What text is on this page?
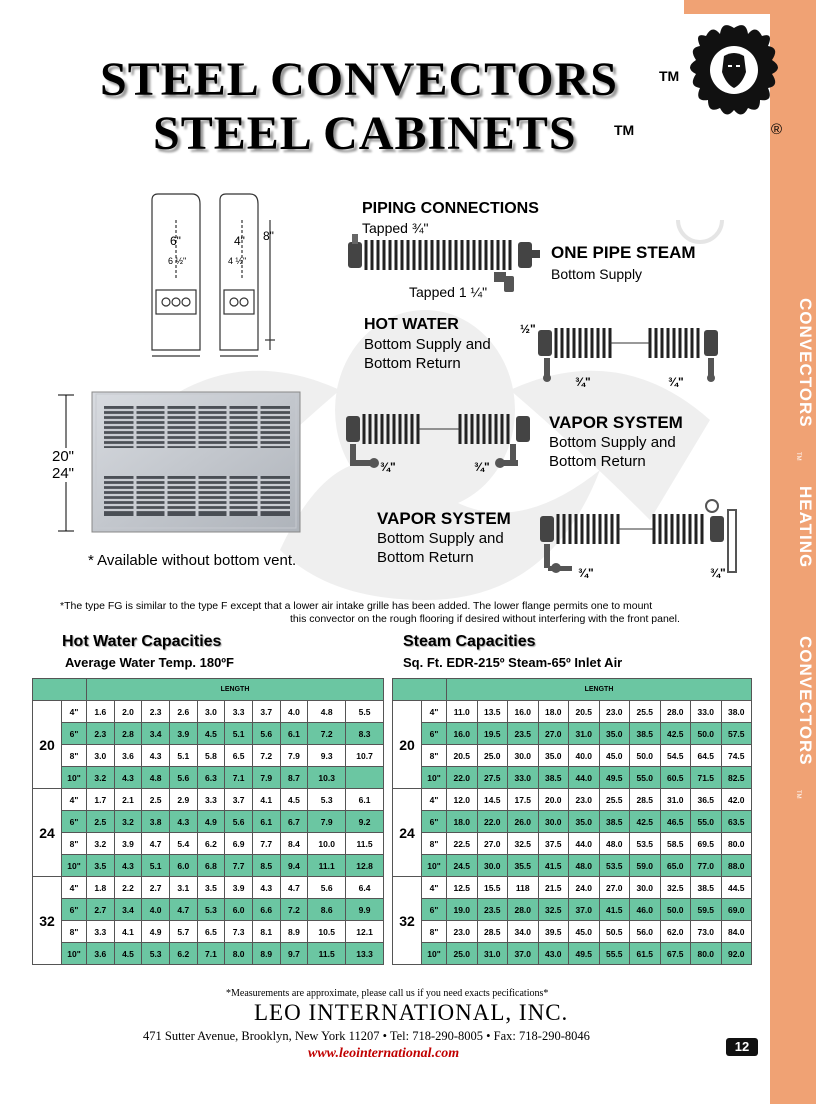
CONVECTORS
TM
HEATING
CONVECTORS
TM
STEEL CONVECTORS	TM
STEEL CABINETS	TM	®
6"
6 ½"
4"
4 ½"
8"
20"
24"
* Available without bottom vent.
PIPING CONNECTIONS
Tapped ¾"
ONE PIPE STEAM
Bottom Supply
Tapped 1 ¼"
HOT WATER
Bottom Supply and
Bottom Return
½"
¾"	¾"
¾"	¾"
VAPOR SYSTEM
Bottom Supply and
Bottom Return
VAPOR SYSTEM
Bottom Supply and
Bottom Return
¾"	¾"
*The type FG is similar to the type F except that a lower air intake grille has been added. The lower flange permits one to mount
this convector on the rough flooring if desired without interfering with the front panel.
Hot Water Capacities
Average Water Temp. 180ºF
Steam Capacities
Sq. Ft. EDR-215º Steam-65º Inlet Air
		LENGTH									
20	4"	1.6	2.0	2.3	2.6	3.0	3.3	3.7	4.0	4.8	5.5
	6"	2.3	2.8	3.4	3.9	4.5	5.1	5.6	6.1	7.2	8.3
	8"	3.0	3.6	4.3	5.1	5.8	6.5	7.2	7.9	9.3	10.7
	10"	3.2	4.3	4.8	5.6	6.3	7.1	7.9	8.7	10.3	
24	4"	1.7	2.1	2.5	2.9	3.3	3.7	4.1	4.5	5.3	6.1
	6"	2.5	3.2	3.8	4.3	4.9	5.6	6.1	6.7	7.9	9.2
	8"	3.2	3.9	4.7	5.4	6.2	6.9	7.7	8.4	10.0	11.5
	10"	3.5	4.3	5.1	6.0	6.8	7.7	8.5	9.4	11.1	12.8
32	4"	1.8	2.2	2.7	3.1	3.5	3.9	4.3	4.7	5.6	6.4
	6"	2.7	3.4	4.0	4.7	5.3	6.0	6.6	7.2	8.6	9.9
	8"	3.3	4.1	4.9	5.7	6.5	7.3	8.1	8.9	10.5	12.1
	10"	3.6	4.5	5.3	6.2	7.1	8.0	8.9	9.7	11.5	13.3
		LENGTH									
20	4"	11.0	13.5	16.0	18.0	20.5	23.0	25.5	28.0	33.0	38.0
	6"	16.0	19.5	23.5	27.0	31.0	35.0	38.5	42.5	50.0	57.5
	8"	20.5	25.0	30.0	35.0	40.0	45.0	50.0	54.5	64.5	74.5
	10"	22.0	27.5	33.0	38.5	44.0	49.5	55.0	60.5	71.5	82.5
24	4"	12.0	14.5	17.5	20.0	23.0	25.5	28.5	31.0	36.5	42.0
	6"	18.0	22.0	26.0	30.0	35.0	38.5	42.5	46.5	55.0	63.5
	8"	22.5	27.0	32.5	37.5	44.0	48.0	53.5	58.5	69.5	80.0
	10"	24.5	30.0	35.5	41.5	48.0	53.5	59.0	65.0	77.0	88.0
32	4"	12.5	15.5	118	21.5	24.0	27.0	30.0	32.5	38.5	44.5
	6"	19.0	23.5	28.0	32.5	37.0	41.5	46.0	50.0	59.5	69.0
	8"	23.0	28.5	34.0	39.5	45.0	50.5	56.0	62.0	73.0	84.0
	10"	25.0	31.0	37.0	43.0	49.5	55.5	61.5	67.5	80.0	92.0
*Measurements are approximate, please call us if you need exacts pecifications*
LEO INTERNATIONAL, INC.
471 Sutter Avenue, Brooklyn, New York 11207 • Tel: 718-290-8005 • Fax: 718-290-8046
www.leointernational.com	12
